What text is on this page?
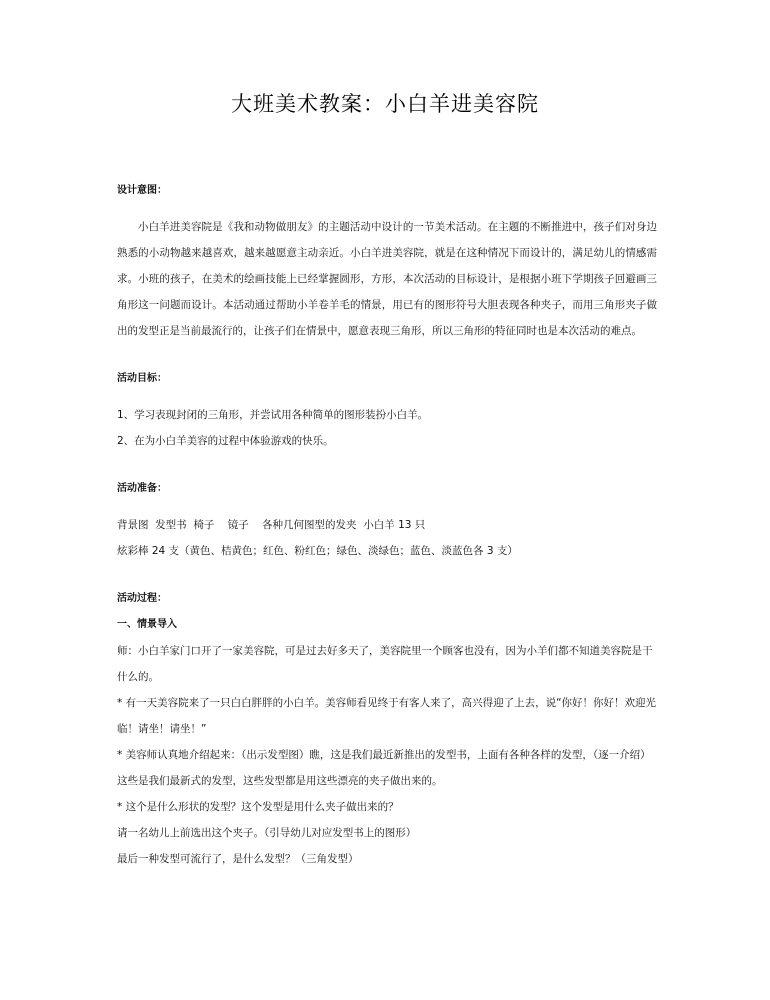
大班美术教案：小白羊进美容院

设计意图：

小白羊进美容院是《我和动物做朋友》的主题活动中设计的一节美术活动。在主题的不断推进中，孩子们对身边熟悉的小动物越来越喜欢，越来越愿意主动亲近。小白羊进美容院，就是在这种情况下而设计的，满足幼儿的情感需求。小班的孩子，在美术的绘画技能上已经掌握圆形，方形，本次活动的目标设计，是根据小班下学期孩子回避画三角形这一问题而设计。本活动通过帮助小羊卷羊毛的情景，用已有的图形符号大胆表现各种夹子，而用三角形夹子做出的发型正是当前最流行的，让孩子们在情景中，愿意表现三角形，所以三角形的特征同时也是本次活动的难点。

活动目标：

1、学习表现封闭的三角形，并尝试用各种简单的图形装扮小白羊。

2、在为小白羊美容的过程中体验游戏的快乐。

活动准备：

背景图  发型书  椅子    镜子    各种几何图型的发夹  小白羊 13 只

炫彩棒 24 支（黄色、桔黄色；红色、粉红色；绿色、淡绿色；蓝色、淡蓝色各 3 支）

活动过程：

一、情景导入

师：小白羊家门口开了一家美容院，可是过去好多天了，美容院里一个顾客也没有，因为小羊们都不知道美容院是干什么的。

* 有一天美容院来了一只白白胖胖的小白羊。美容师看见终于有客人来了，高兴得迎了上去，说“你好！你好！欢迎光临！请坐！请坐！”

* 美容师认真地介绍起来：（出示发型图）瞧，这是我们最近新推出的发型书，上面有各种各样的发型，（逐一介绍）这些是我们最新式的发型，这些发型都是用这些漂亮的夹子做出来的。

* 这个是什么形状的发型？这个发型是用什么夹子做出来的？

请一名幼儿上前选出这个夹子。（引导幼儿对应发型书上的图形）

最后一种发型可流行了，是什么发型？（三角发型）
